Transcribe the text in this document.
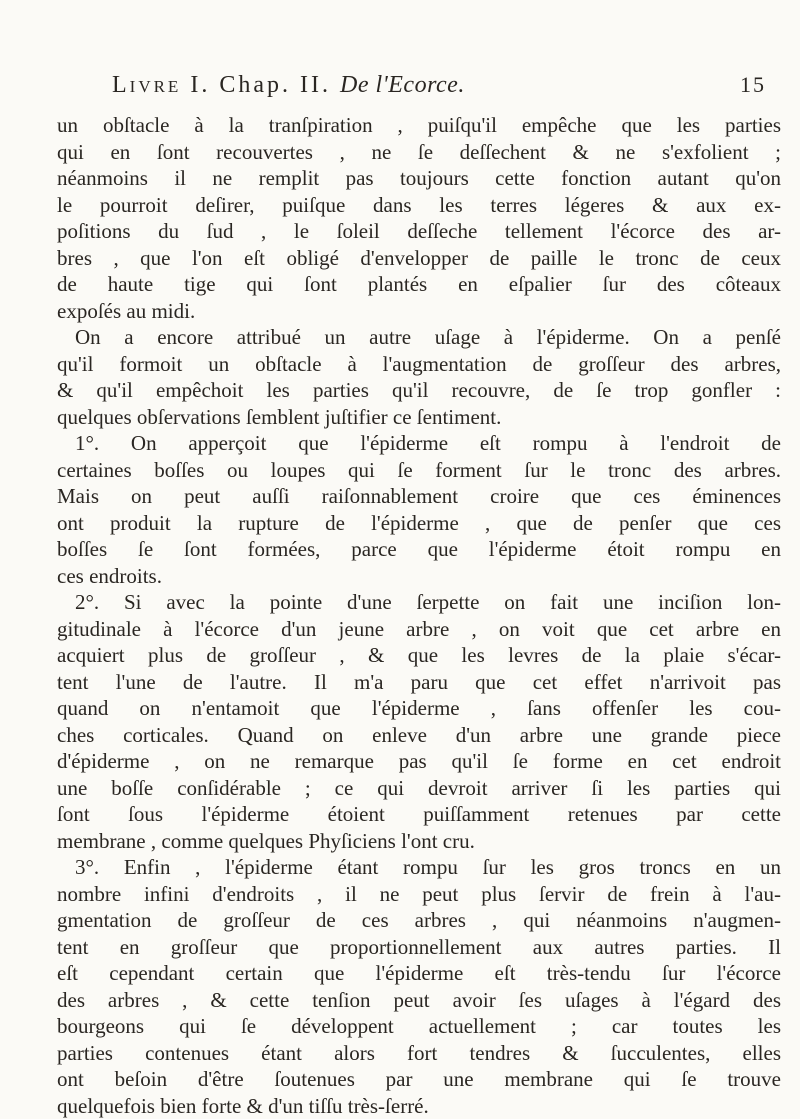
Livre I. Chap. II. De l'Ecorce.	15
un obſtacle à la tranſpiration , puiſqu'il empêche que les parties
qui en ſont recouvertes , ne ſe deſſechent & ne s'exfolient ;
néanmoins il ne remplit pas toujours cette fonction autant qu'on
le pourroit deſirer, puiſque dans les terres légeres & aux ex-
poſitions du ſud , le ſoleil deſſeche tellement l'écorce des ar-
bres , que l'on eſt obligé d'envelopper de paille le tronc de ceux
de haute tige qui ſont plantés en eſpalier ſur des côteaux
expoſés au midi.
On a encore attribué un autre uſage à l'épiderme. On a penſé
qu'il formoit un obſtacle à l'augmentation de groſſeur des arbres,
& qu'il empêchoit les parties qu'il recouvre, de ſe trop gonfler :
quelques obſervations ſemblent juſtifier ce ſentiment.
1°. On apperçoit que l'épiderme eſt rompu à l'endroit de
certaines boſſes ou loupes qui ſe forment ſur le tronc des arbres.
Mais on peut auſſi raiſonnablement croire que ces éminences
ont produit la rupture de l'épiderme , que de penſer que ces
boſſes ſe ſont formées, parce que l'épiderme étoit rompu en
ces endroits.
2°. Si avec la pointe d'une ſerpette on fait une inciſion lon-
gitudinale à l'écorce d'un jeune arbre , on voit que cet arbre en
acquiert plus de groſſeur , & que les levres de la plaie s'écar-
tent l'une de l'autre. Il m'a paru que cet effet n'arrivoit pas
quand on n'entamoit que l'épiderme , ſans offenſer les cou-
ches corticales. Quand on enleve d'un arbre une grande piece
d'épiderme , on ne remarque pas qu'il ſe forme en cet endroit
une boſſe conſidérable ; ce qui devroit arriver ſi les parties qui
ſont ſous l'épiderme étoient puiſſamment retenues par cette
membrane , comme quelques Phyſiciens l'ont cru.
3°. Enfin , l'épiderme étant rompu ſur les gros troncs en un
nombre infini d'endroits , il ne peut plus ſervir de frein à l'au-
gmentation de groſſeur de ces arbres , qui néanmoins n'augmen-
tent en groſſeur que proportionnellement aux autres parties. Il
eſt cependant certain que l'épiderme eſt très-tendu ſur l'écorce
des arbres , & cette tenſion peut avoir ſes uſages à l'égard des
bourgeons qui ſe développent actuellement ; car toutes les
parties contenues étant alors fort tendres & ſucculentes, elles
ont beſoin d'être ſoutenues par une membrane qui ſe trouve
quelquefois bien forte & d'un tiſſu très-ſerré.
